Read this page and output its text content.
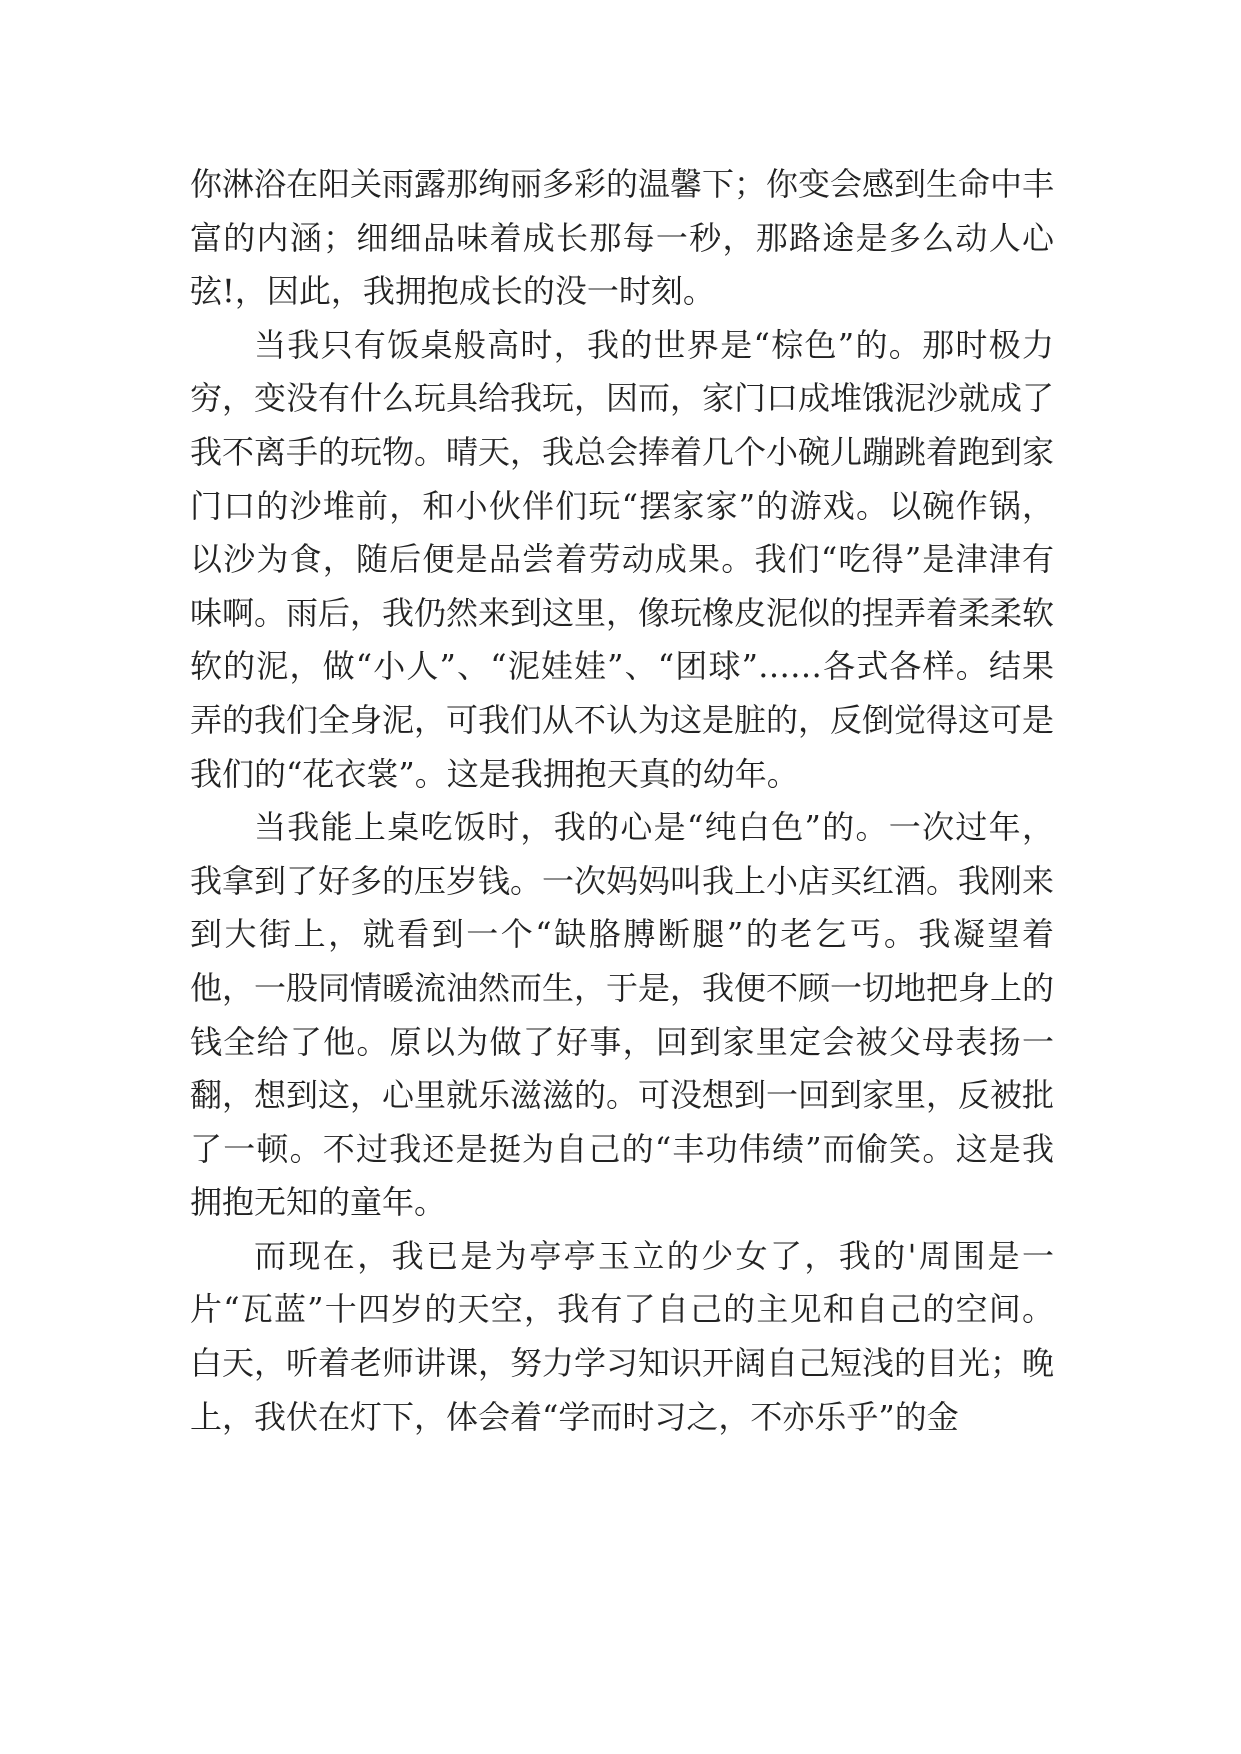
你淋浴在阳关雨露那绚丽多彩的温馨下；你变会感到生命中丰富的内涵；细细品味着成长那每一秒，那路途是多么动人心弦!，因此，我拥抱成长的没一时刻。

当我只有饭桌般高时，我的世界是“棕色”的。那时极力穷，变没有什么玩具给我玩，因而，家门口成堆饿泥沙就成了我不离手的玩物。晴天，我总会捧着几个小碗儿蹦跳着跑到家门口的沙堆前，和小伙伴们玩“摆家家”的游戏。以碗作锅，以沙为食，随后便是品尝着劳动成果。我们“吃得”是津津有味啊。雨后，我仍然来到这里，像玩橡皮泥似的捏弄着柔柔软软的泥，做“小人”、“泥娃娃”、“团球”……各式各样。结果弄的我们全身泥，可我们从不认为这是脏的，反倒觉得这可是我们的“花衣裳”。这是我拥抱天真的幼年。

当我能上桌吃饭时，我的心是“纯白色”的。一次过年，我拿到了好多的压岁钱。一次妈妈叫我上小店买红酒。我刚来到大街上，就看到一个“缺胳膊断腿”的老乞丐。我凝望着他，一股同情暖流油然而生，于是，我便不顾一切地把身上的钱全给了他。原以为做了好事，回到家里定会被父母表扬一翻，想到这，心里就乐滋滋的。可没想到一回到家里，反被批了一顿。不过我还是挺为自己的“丰功伟绩”而偷笑。这是我拥抱无知的童年。

而现在，我已是为亭亭玉立的少女了，我的'周围是一片“瓦蓝”十四岁的天空，我有了自己的主见和自己的空间。白天，听着老师讲课，努力学习知识开阔自己短浅的目光；晚上，我伏在灯下，体会着“学而时习之，不亦乐乎”的金
